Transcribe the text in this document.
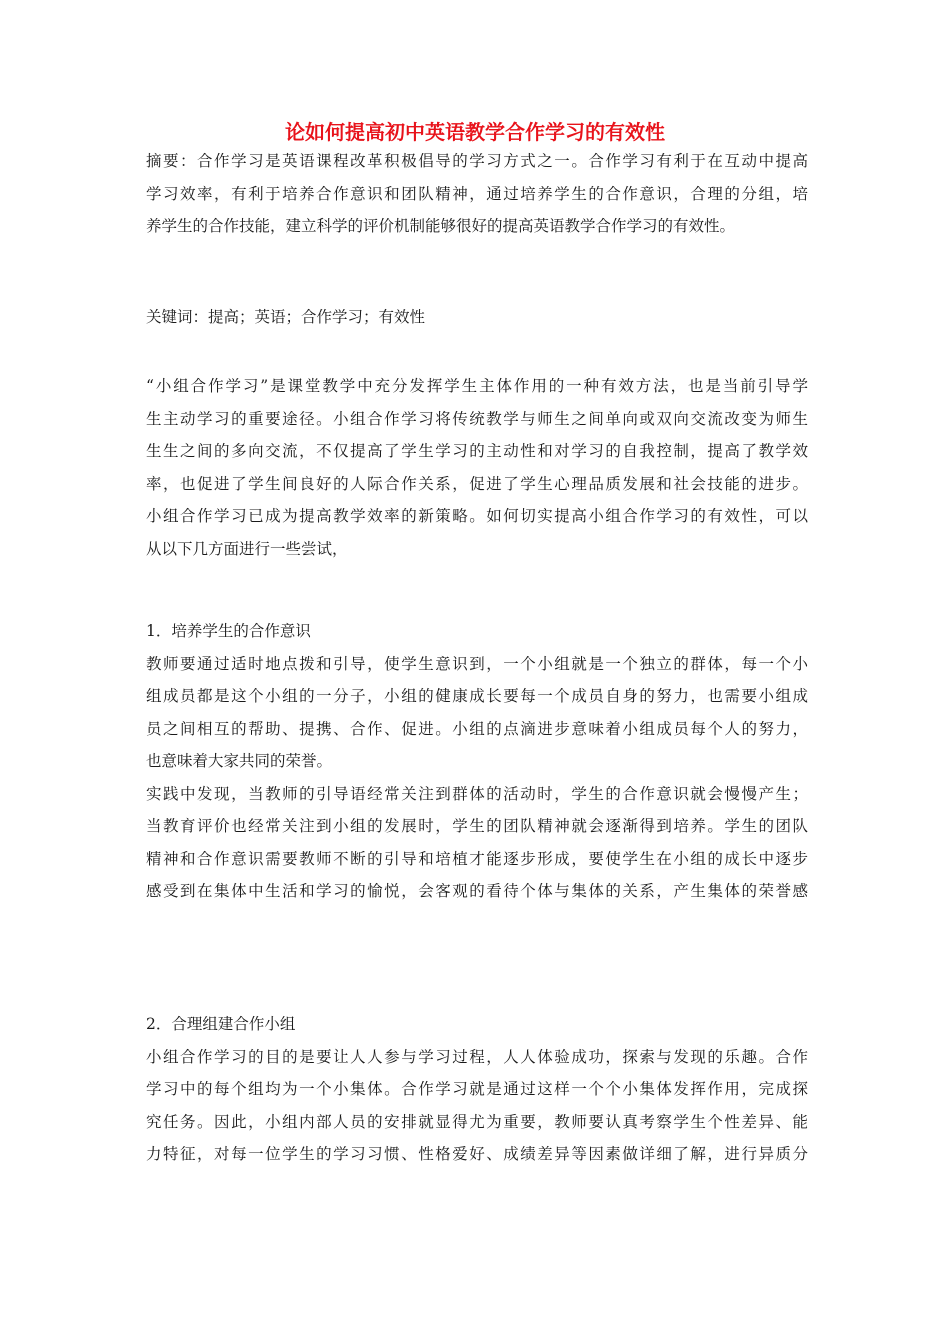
论如何提高初中英语教学合作学习的有效性
摘要：合作学习是英语课程改革积极倡导的学习方式之一。合作学习有利于在互动中提高
学习效率，有利于培养合作意识和团队精神，通过培养学生的合作意识，合理的分组，培
养学生的合作技能，建立科学的评价机制能够很好的提高英语教学合作学习的有效性。
关键词：提高；英语；合作学习；有效性
“小组合作学习”是课堂教学中充分发挥学生主体作用的一种有效方法，也是当前引导学
生主动学习的重要途径。小组合作学习将传统教学与师生之间单向或双向交流改变为师生
生生之间的多向交流，不仅提高了学生学习的主动性和对学习的自我控制，提高了教学效
率，也促进了学生间良好的人际合作关系，促进了学生心理品质发展和社会技能的进步。
小组合作学习已成为提高教学效率的新策略。如何切实提高小组合作学习的有效性，可以
从以下几方面进行一些尝试，
1．培养学生的合作意识
教师要通过适时地点拨和引导，使学生意识到，一个小组就是一个独立的群体，每一个小
组成员都是这个小组的一分子，小组的健康成长要每一个成员自身的努力，也需要小组成
员之间相互的帮助、提携、合作、促进。小组的点滴进步意味着小组成员每个人的努力，
也意味着大家共同的荣誉。
实践中发现，当教师的引导语经常关注到群体的活动时，学生的合作意识就会慢慢产生；
当教育评价也经常关注到小组的发展时，学生的团队精神就会逐渐得到培养。学生的团队
精神和合作意识需要教师不断的引导和培植才能逐步形成，要使学生在小组的成长中逐步
感受到在集体中生活和学习的愉悦，会客观的看待个体与集体的关系，产生集体的荣誉感
2．合理组建合作小组
小组合作学习的目的是要让人人参与学习过程，人人体验成功，探索与发现的乐趣。合作
学习中的每个组均为一个小集体。合作学习就是通过这样一个个小集体发挥作用，完成探
究任务。因此，小组内部人员的安排就显得尤为重要，教师要认真考察学生个性差异、能
力特征，对每一位学生的学习习惯、性格爱好、成绩差异等因素做详细了解，进行异质分
